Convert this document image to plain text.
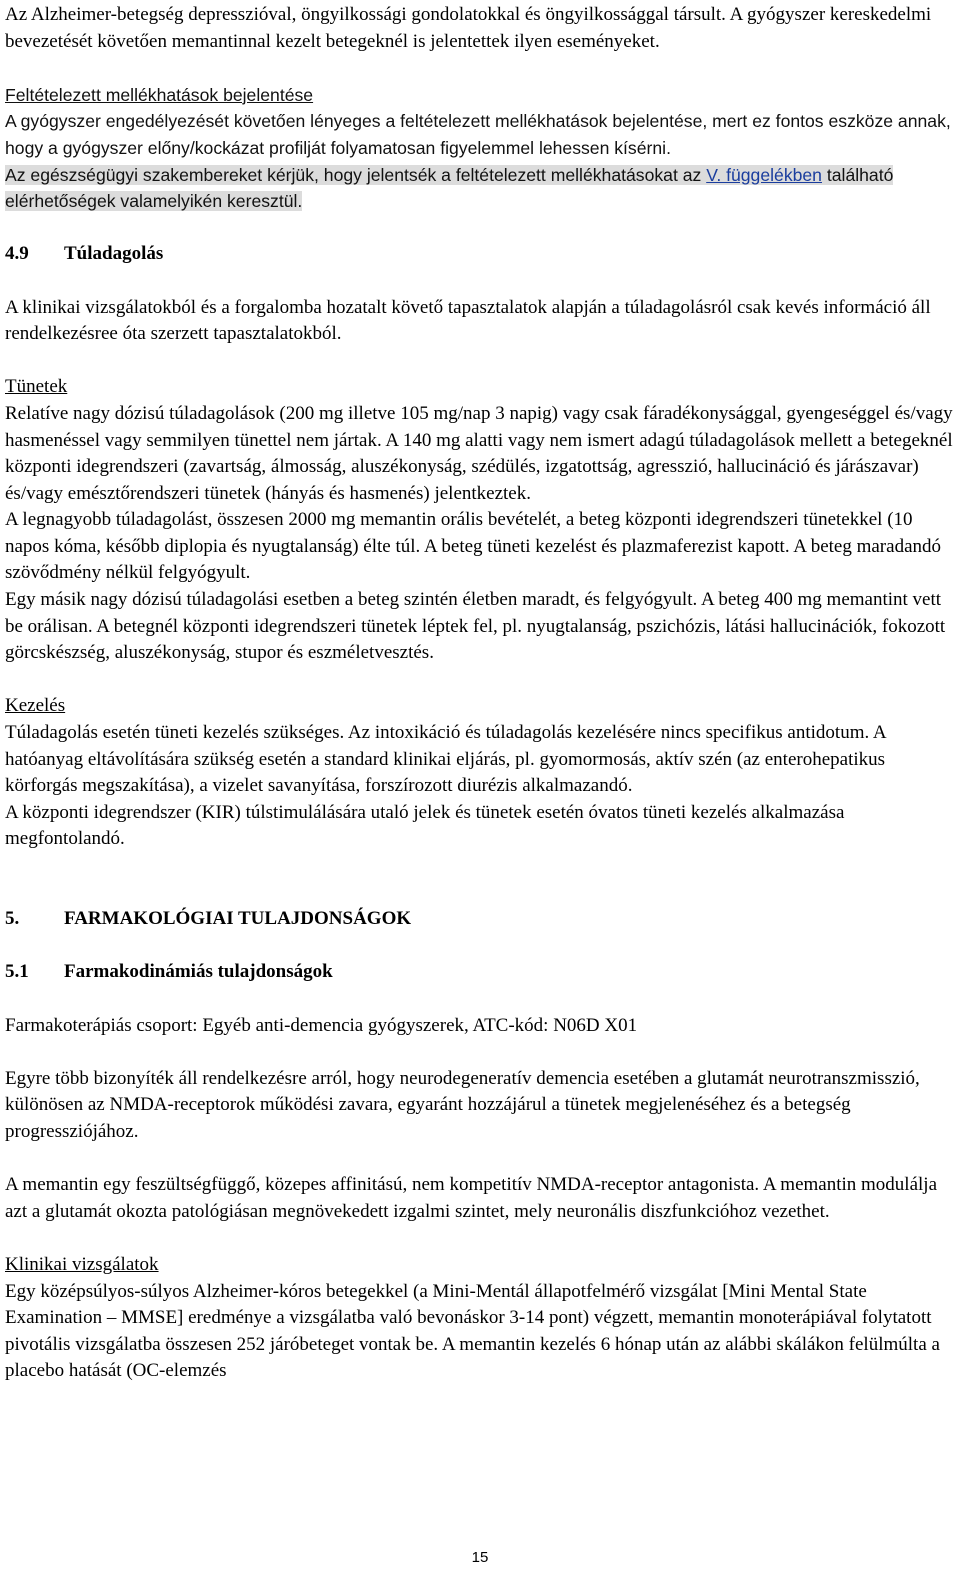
Az Alzheimer-betegség depresszióval, öngyilkossági gondolatokkal és öngyilkossággal társult. A gyógyszer kereskedelmi bevezetését követően memantinnal kezelt betegeknél is jelentettek ilyen eseményeket.

Feltételezett mellékhatások bejelentése

A gyógyszer engedélyezését követően lényeges a feltételezett mellékhatások bejelentése, mert ez fontos eszköze annak, hogy a gyógyszer előny/kockázat profilját folyamatosan figyelemmel lehessen kísérni.

Az egészségügyi szakembereket kérjük, hogy jelentsék a feltételezett mellékhatásokat az V. függelékben található elérhetőségek valamelyikén keresztül.

4.9	Túladagolás

A klinikai vizsgálatokból és a forgalomba hozatalt követő tapasztalatok alapján a túladagolásról csak kevés információ áll rendelkezésree óta szerzett tapasztalatokból.

Tünetek

Relatíve nagy dózisú túladagolások (200 mg illetve 105 mg/nap 3 napig) vagy csak fáradékonysággal, gyengeséggel és/vagy hasmenéssel vagy semmilyen tünettel nem jártak. A 140 mg alatti vagy nem ismert adagú túladagolások mellett a betegeknél központi idegrendszeri (zavartság, álmosság, aluszékonyság, szédülés, izgatottság, agresszió, hallucináció és járászavar) és/vagy emésztőrendszeri tünetek (hányás és hasmenés) jelentkeztek.

A legnagyobb túladagolást, összesen 2000 mg memantin orális bevételét, a beteg központi idegrendszeri tünetekkel (10 napos kóma, később diplopia és nyugtalanság) élte túl. A beteg tüneti kezelést és plazmaferezist kapott. A beteg maradandó szövődmény nélkül felgyógyult.

Egy másik nagy dózisú túladagolási esetben a beteg szintén életben maradt, és felgyógyult. A beteg 400 mg memantint vett be orálisan. A betegnél központi idegrendszeri tünetek léptek fel, pl. nyugtalanság, pszichózis, látási hallucinációk, fokozott görcskészség, aluszékonyság, stupor és eszméletvesztés.

Kezelés

Túladagolás esetén tüneti kezelés szükséges. Az intoxikáció és túladagolás kezelésére nincs specifikus antidotum. A hatóanyag eltávolítására szükség esetén a standard klinikai eljárás, pl. gyomormosás, aktív szén (az enterohepatikus körforgás megszakítása), a vizelet savanyítása, forszírozott diurézis alkalmazandó.

A központi idegrendszer (KIR) túlstimulálására utaló jelek és tünetek esetén óvatos tüneti kezelés alkalmazása megfontolandó.

5.	FARMAKOLÓGIAI TULAJDONSÁGOK
5.1	Farmakodinámiás tulajdonságok

Farmakoterápiás csoport: Egyéb anti-demencia gyógyszerek, ATC-kód: N06D X01

Egyre több bizonyíték áll rendelkezésre arról, hogy neurodegeneratív demencia esetében a glutamát neurotranszmisszió, különösen az NMDA-receptorok működési zavara, egyaránt hozzájárul a tünetek megjelenéséhez és a betegség progressziójához.

A memantin egy feszültségfüggő, közepes affinitású, nem kompetitív NMDA-receptor antagonista. A memantin modulálja azt a glutamát okozta patológiásan megnövekedett izgalmi szintet, mely neuronális diszfunkcióhoz vezethet.

Klinikai vizsgálatok

Egy középsúlyos-súlyos Alzheimer-kóros betegekkel (a Mini-Mentál állapotfelmérő vizsgálat [Mini Mental State Examination – MMSE] eredménye a vizsgálatba való bevonáskor 3-14 pont) végzett, memantin monoterápiával folytatott pivotális vizsgálatba összesen 252 járóbeteget vontak be. A memantin kezelés 6 hónap után az alábbi skálákon felülmúlta a placebo hatását (OC-elemzés

15
